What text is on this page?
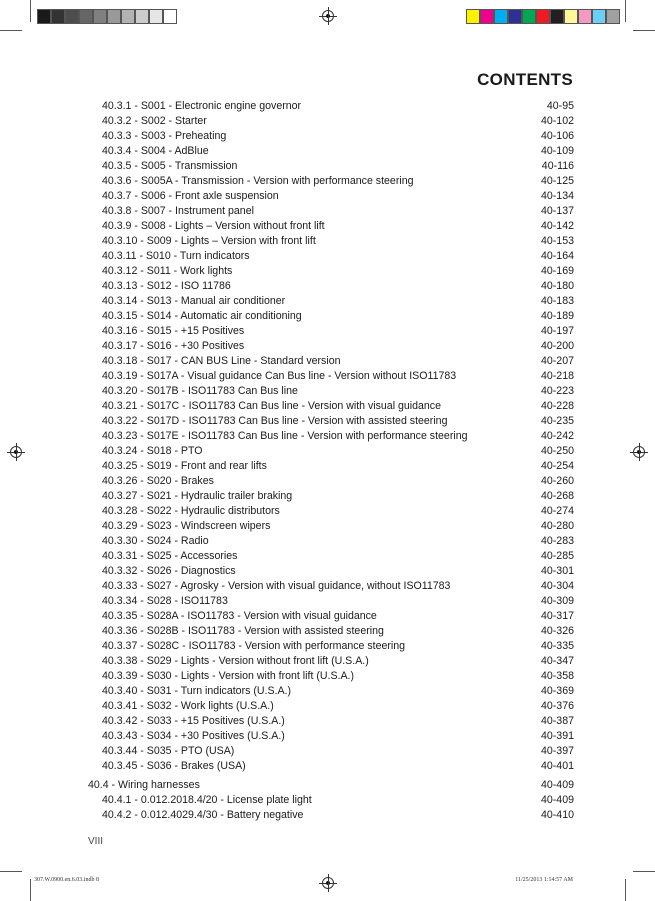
CONTENTS
40.3.1 - S001 - Electronic engine governor	40-95
40.3.2 - S002 - Starter	40-102
40.3.3 - S003 - Preheating	40-106
40.3.4 - S004 - AdBlue	40-109
40.3.5 - S005 - Transmission	40-116
40.3.6 - S005A - Transmission - Version with performance steering	40-125
40.3.7 - S006 - Front axle suspension	40-134
40.3.8 - S007 - Instrument panel	40-137
40.3.9 - S008 - Lights – Version without front lift	40-142
40.3.10 - S009 - Lights – Version with front lift	40-153
40.3.11 - S010 - Turn indicators	40-164
40.3.12 - S011 - Work lights	40-169
40.3.13 - S012 - ISO 11786	40-180
40.3.14 - S013 - Manual air conditioner	40-183
40.3.15 - S014 - Automatic air conditioning	40-189
40.3.16 - S015 - +15 Positives	40-197
40.3.17 - S016 - +30 Positives	40-200
40.3.18 - S017 - CAN BUS Line - Standard version	40-207
40.3.19 - S017A - Visual guidance Can Bus line - Version without ISO11783	40-218
40.3.20 - S017B - ISO11783 Can Bus line	40-223
40.3.21 - S017C - ISO11783 Can Bus line - Version with visual guidance	40-228
40.3.22 - S017D - ISO11783 Can Bus line - Version with assisted steering	40-235
40.3.23 - S017E - ISO11783 Can Bus line - Version with performance steering	40-242
40.3.24 - S018 - PTO	40-250
40.3.25 - S019 - Front and rear lifts	40-254
40.3.26 - S020 - Brakes	40-260
40.3.27 - S021 - Hydraulic trailer braking	40-268
40.3.28 - S022 - Hydraulic distributors	40-274
40.3.29 - S023 - Windscreen wipers	40-280
40.3.30 - S024 - Radio	40-283
40.3.31 - S025 - Accessories	40-285
40.3.32 - S026 - Diagnostics	40-301
40.3.33 - S027 - Agrosky - Version with visual guidance, without ISO11783	40-304
40.3.34 - S028 - ISO11783	40-309
40.3.35 - S028A - ISO11783 - Version with visual guidance	40-317
40.3.36 - S028B - ISO11783 - Version with assisted steering	40-326
40.3.37 - S028C - ISO11783 - Version with performance steering	40-335
40.3.38 - S029 - Lights - Version without front lift (U.S.A.)	40-347
40.3.39 - S030 - Lights - Version with front lift (U.S.A.)	40-358
40.3.40 - S031 - Turn indicators (U.S.A.)	40-369
40.3.41 - S032 - Work lights (U.S.A.)	40-376
40.3.42 - S033 - +15 Positives (U.S.A.)	40-387
40.3.43 - S034 - +30 Positives (U.S.A.)	40-391
40.3.44 - S035 - PTO (USA)	40-397
40.3.45 - S036 - Brakes (USA)	40-401
40.4 - Wiring harnesses	40-409
40.4.1 - 0.012.2018.4/20 - License plate light	40-409
40.4.2 - 0.012.4029.4/30 - Battery negative	40-410
VIII
307.W.0900.en.6.03.indb 8	11/25/2013 1:14:57 AM
